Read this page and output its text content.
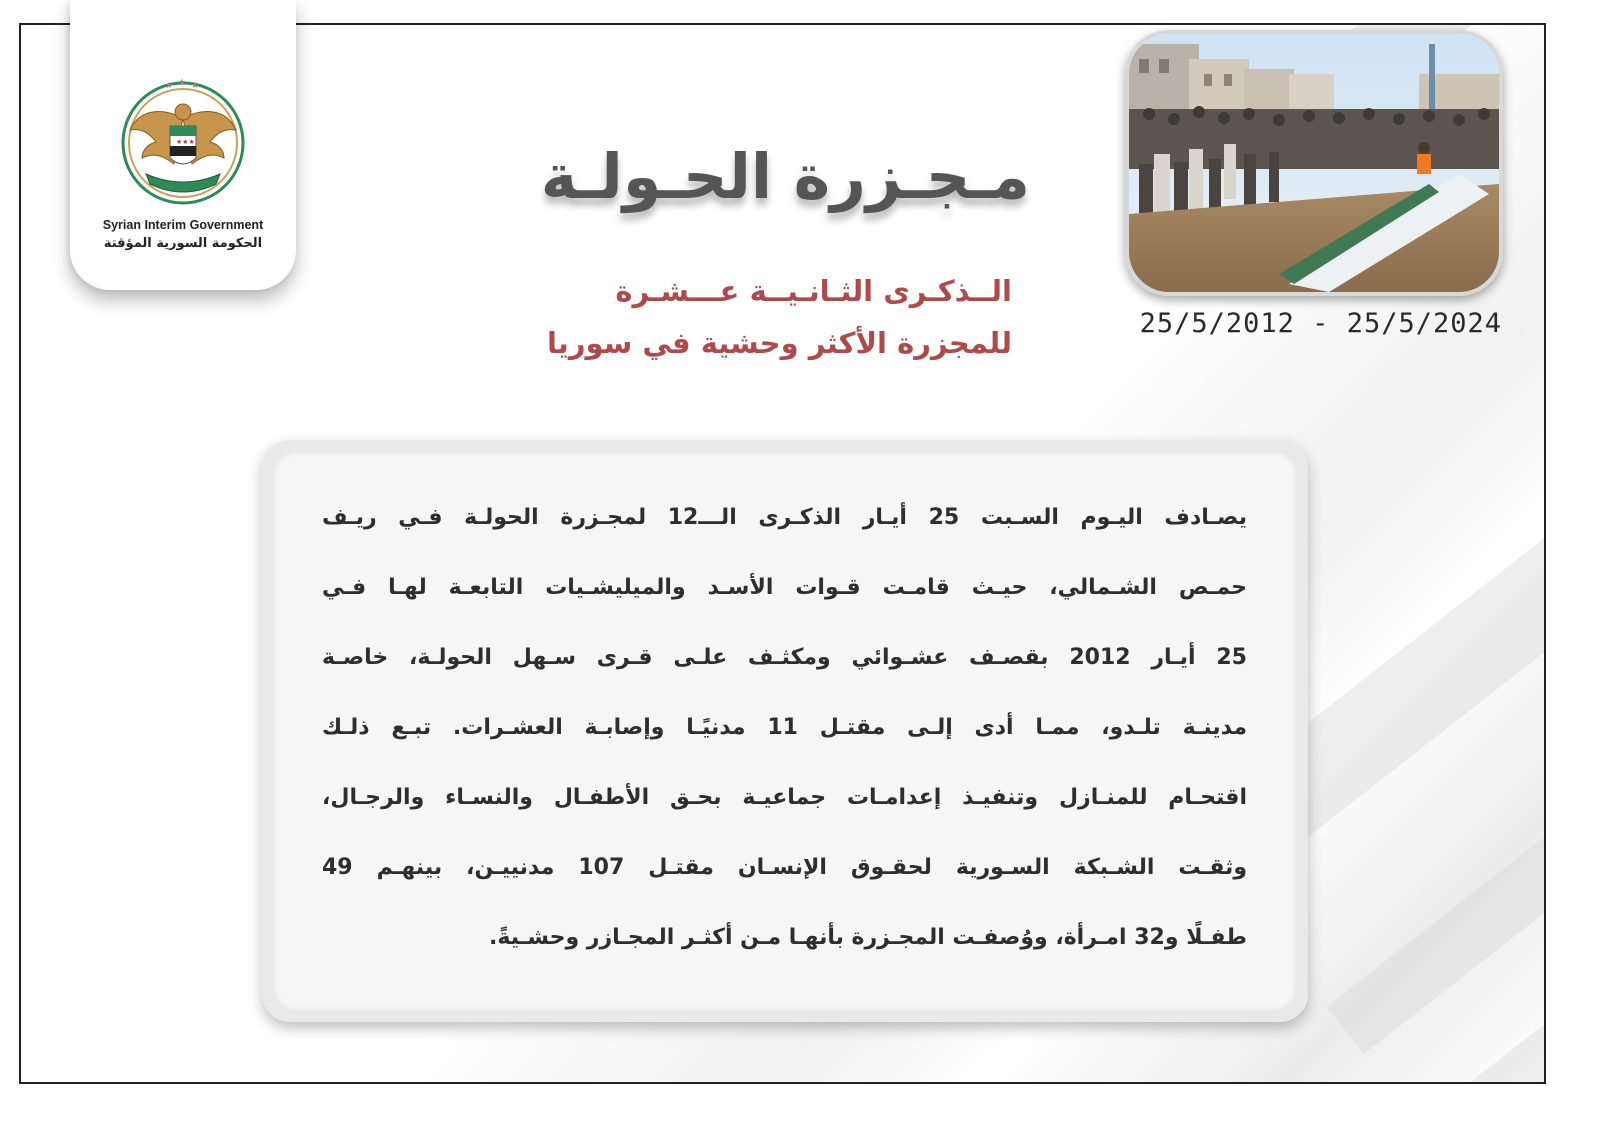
★ ★ ★
★★★
Syrian Interim Government
الحكومة السورية المؤقتة
مـجـزرة الحـولـة
الــذكـرى الثـانـيــة عـــشـرة
للمجزرة الأكثر وحشية في سوريا
25/5/2012 - 25/5/2024
يصـادف اليـوم السـبت 25 أيـار الذكـرى الـــ12 لمجـزرة الحولـة فـي ريـف
حمـص الشـمالي، حيـث قامـت قـوات الأسـد والميليشـيات التابعـة لهـا فـي
25 أيـار 2012 بقصـف عشـوائي ومكثـف علـى قـرى سـهل الحولـة، خاصـة
مدينـة تلـدو، ممـا أدى إلـى مقتـل 11 مدنيًـا وإصابـة العشـرات. تبـع ذلـك
اقتحـام للمنـازل وتنفيـذ إعدامـات جماعيـة بحـق الأطفـال والنسـاء والرجـال،
وثقـت الشـبكة السـورية لحقـوق الإنسـان مقتـل 107 مدنييـن، بينهـم 49
طفـلًا و32 امـرأة، ووُصفـت المجـزرة بأنهـا مـن أكثـر المجـازر وحشـيةً.
